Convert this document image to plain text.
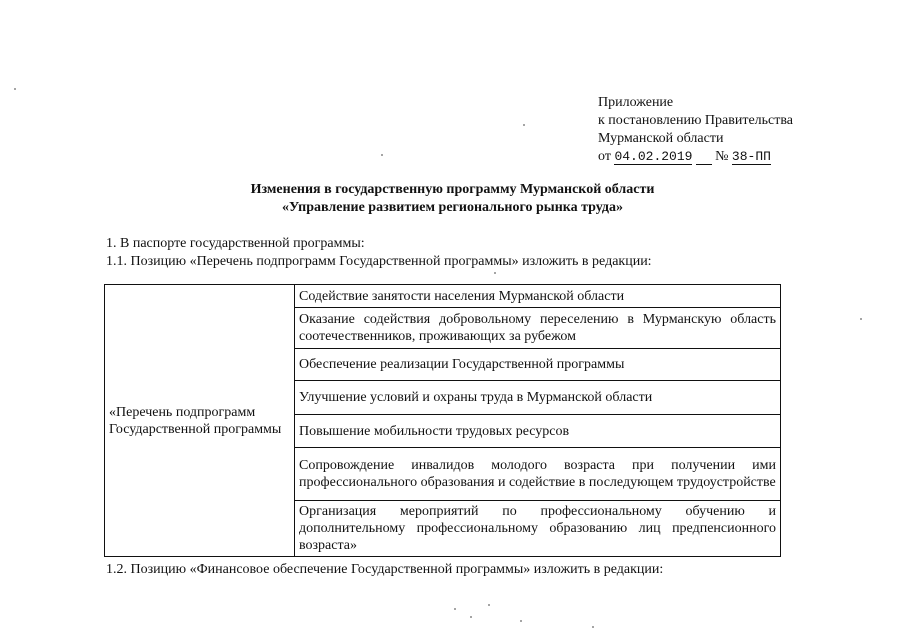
Приложение
к постановлению Правительства
Мурманской области
от 04.02.2019 № 38-ПП
Изменения в государственную программу Мурманской области
«Управление развитием регионального рынка труда»
1. В паспорте государственной программы:
1.1. Позицию «Перечень подпрограмм Государственной программы» изложить в редакции:
«Перечень подпрограмм Государственной программы	Содействие занятости населения Мурманской области
Оказание содействия добровольному переселению в Мурманскую область соотечественников, проживающих за рубежом
Обеспечение реализации Государственной программы
Улучшение условий и охраны труда в Мурманской области
Повышение мобильности трудовых ресурсов
Сопровождение инвалидов молодого возраста при получении ими профессионального образования и содействие в последующем трудоустройстве
Организация мероприятий по профессиональному обучению и дополнительному профессиональному образованию лиц предпенсионного возраста»
1.2. Позицию «Финансовое обеспечение Государственной программы» изложить в редакции:
